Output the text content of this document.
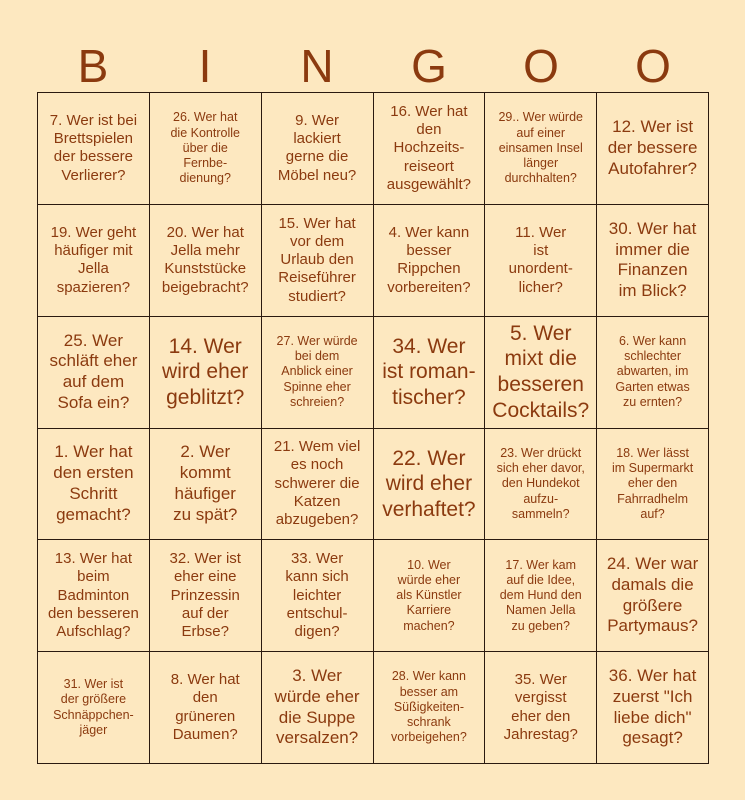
B	I	N	G	O	O
7. Wer ist bei
Brettspielen
der bessere
Verlierer?
26. Wer hat
die Kontrolle
über die
Fernbe-
dienung?
9. Wer
lackiert
gerne die
Möbel neu?
16. Wer hat
den
Hochzeits-
reiseort
ausgewählt?
29.. Wer würde
auf einer
einsamen Insel
länger
durchhalten?
12. Wer ist
der bessere
Autofahrer?
19. Wer geht
häufiger mit
Jella
spazieren?
20. Wer hat
Jella mehr
Kunststücke
beigebracht?
15. Wer hat
vor dem
Urlaub den
Reiseführer
studiert?
4. Wer kann
besser
Rippchen
vorbereiten?
11. Wer
ist
unordent-
licher?
30. Wer hat
immer die
Finanzen
im Blick?
25. Wer
schläft eher
auf dem
Sofa ein?
14. Wer
wird eher
geblitzt?
27. Wer würde
bei dem
Anblick einer
Spinne eher
schreien?
34. Wer
ist roman-
tischer?
5. Wer
mixt die
besseren
Cocktails?
6. Wer kann
schlechter
abwarten, im
Garten etwas
zu ernten?
1. Wer hat
den ersten
Schritt
gemacht?
2. Wer
kommt
häufiger
zu spät?
21. Wem viel
es noch
schwerer die
Katzen
abzugeben?
22. Wer
wird eher
verhaftet?
23. Wer drückt
sich eher davor,
den Hundekot
aufzu-
sammeln?
18. Wer lässt
im Supermarkt
eher den
Fahrradhelm
auf?
13. Wer hat
beim
Badminton
den besseren
Aufschlag?
32. Wer ist
eher eine
Prinzessin
auf der
Erbse?
33. Wer
kann sich
leichter
entschul-
digen?
10. Wer
würde eher
als Künstler
Karriere
machen?
17. Wer kam
auf die Idee,
dem Hund den
Namen Jella
zu geben?
24. Wer war
damals die
größere
Partymaus?
31. Wer ist
der größere
Schnäppchen-
jäger
8. Wer hat
den
grüneren
Daumen?
3. Wer
würde eher
die Suppe
versalzen?
28. Wer kann
besser am
Süßigkeiten-
schrank
vorbeigehen?
35. Wer
vergisst
eher den
Jahrestag?
36. Wer hat
zuerst "Ich
liebe dich"
gesagt?
